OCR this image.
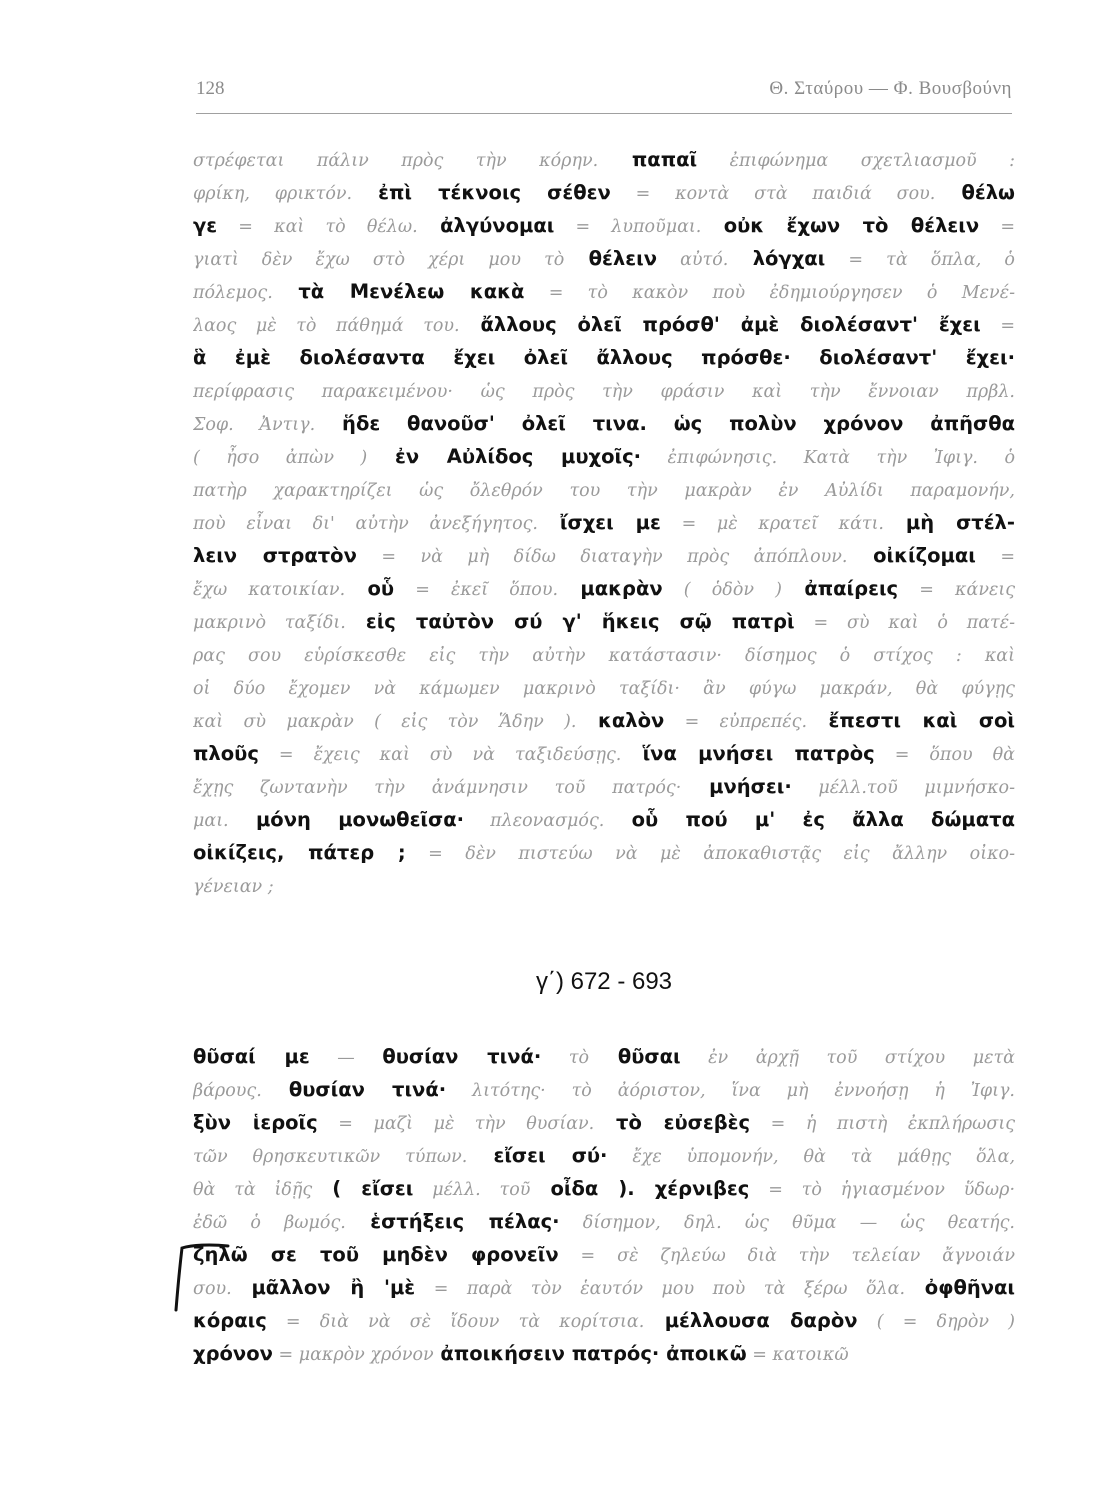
128	Θ. Σταύρου — Φ. Βουσβούνη
στρέφεται πάλιν πρὸς τὴν κόρην. παπαῖ ἐπιφώνημα σχετλιασμοῦ :
φρίκη, φρικτόν. ἐπὶ τέκνοις σέθεν = κοντὰ στὰ παιδιά σου. θέλω
γε = καὶ τὸ θέλω. ἀλγύνομαι = λυποῦμαι. οὐκ ἔχων τὸ θέλειν =
γιατὶ δὲν ἔχω στὸ χέρι μου τὸ θέλειν αὐτό. λόγχαι = τὰ ὅπλα, ὁ
πόλεμος. τὰ Μενέλεω κακὰ = τὸ κακὸν ποὺ ἐδημιούργησεν ὁ Μενέ-
λαος μὲ τὸ πάθημά του. ἄλλους ὀλεῖ πρόσθ' ἀμὲ διολέσαντ' ἔχει =
ἃ ἐμὲ διολέσαντα ἔχει ὀλεῖ ἄλλους πρόσθε· διολέσαντ' ἔχει·
περίφρασις παρακειμένου· ὡς πρὸς τὴν φράσιν καὶ τὴν ἔννοιαν πρβλ.
Σοφ. Ἀντιγ. ἥδε θανοῦσ' ὀλεῖ τινα. ὡς πολὺν χρόνον ἀπῆσθα
( ἦσο ἀπὼν ) ἐν Αὐλίδος μυχοῖς· ἐπιφώνησις. Κατὰ τὴν Ἰφιγ. ὁ
πατὴρ χαρακτηρίζει ὡς ὄλεθρόν του τὴν μακρὰν ἐν Αὐλίδι παραμονήν,
ποὺ εἶναι δι' αὐτὴν ἀνεξήγητος. ἴσχει με = μὲ κρατεῖ κάτι. μὴ στέλ-
λειν στρατὸν = νὰ μὴ δίδω διαταγὴν πρὸς ἀπόπλουν. οἰκίζομαι =
ἔχω κατοικίαν. οὗ = ἐκεῖ ὅπου. μακρὰν ( ὁδὸν ) ἀπαίρεις = κάνεις
μακρινὸ ταξίδι. εἰς ταὐτὸν σύ γ' ἥκεις σῷ πατρὶ = σὺ καὶ ὁ πατέ-
ρας σου εὑρίσκεσθε εἰς τὴν αὐτὴν κατάστασιν· δίσημος ὁ στίχος : καὶ
οἱ δύο ἔχομεν νὰ κάμωμεν μακρινὸ ταξίδι· ἂν φύγω μακράν, θὰ φύγῃς
καὶ σὺ μακρὰν ( εἰς τὸν Ἅδην ). καλὸν = εὐπρεπές. ἔπεστι καὶ σοὶ
πλοῦς = ἔχεις καὶ σὺ νὰ ταξιδεύσῃς. ἵνα μνήσει πατρὸς = ὅπου θὰ
ἔχῃς ζωντανὴν τὴν ἀνάμνησιν τοῦ πατρός· μνήσει· μέλλ.τοῦ μιμνήσκο-
μαι. μόνη μονωθεῖσα· πλεονασμός. οὗ πού μ' ἐς ἄλλα δώματα
οἰκίζεις, πάτερ ; = δὲν πιστεύω νὰ μὲ ἀποκαθιστᾷς εἰς ἄλλην οἰκο-
γένειαν ;
γ΄) 672 - 693
θῦσαί με — θυσίαν τινά· τὸ θῦσαι ἐν ἀρχῇ τοῦ στίχου μετὰ
βάρους. θυσίαν τινά· λιτότης· τὸ ἀόριστον, ἵνα μὴ ἐννοήσῃ ἡ Ἰφιγ.
ξὺν ἱεροῖς = μαζὶ μὲ τὴν θυσίαν. τὸ εὐσεβὲς = ἡ πιστὴ ἐκπλήρωσις
τῶν θρησκευτικῶν τύπων. εἴσει σύ· ἔχε ὑπομονήν, θὰ τὰ μάθῃς ὅλα,
θὰ τὰ ἰδῇς ( εἴσει μέλλ. τοῦ οἶδα ). χέρνιβες = τὸ ἡγιασμένον ὕδωρ·
ἐδῶ ὁ βωμός. ἑστήξεις πέλας· δίσημον, δηλ. ὡς θῦμα — ὡς θεατής.
ζηλῶ σε τοῦ μηδὲν φρονεῖν = σὲ ζηλεύω διὰ τὴν τελείαν ἄγνοιάν
σου. μᾶλλον ἢ 'μὲ = παρὰ τὸν ἑαυτόν μου ποὺ τὰ ξέρω ὅλα. ὀφθῆναι
κόραις = διὰ νὰ σὲ ἴδουν τὰ κορίτσια. μέλλουσα δαρὸν ( = δηρὸν )
χρόνον = μακρὸν χρόνον ἀποικήσειν πατρός· ἀποικῶ = κατοικῶ
